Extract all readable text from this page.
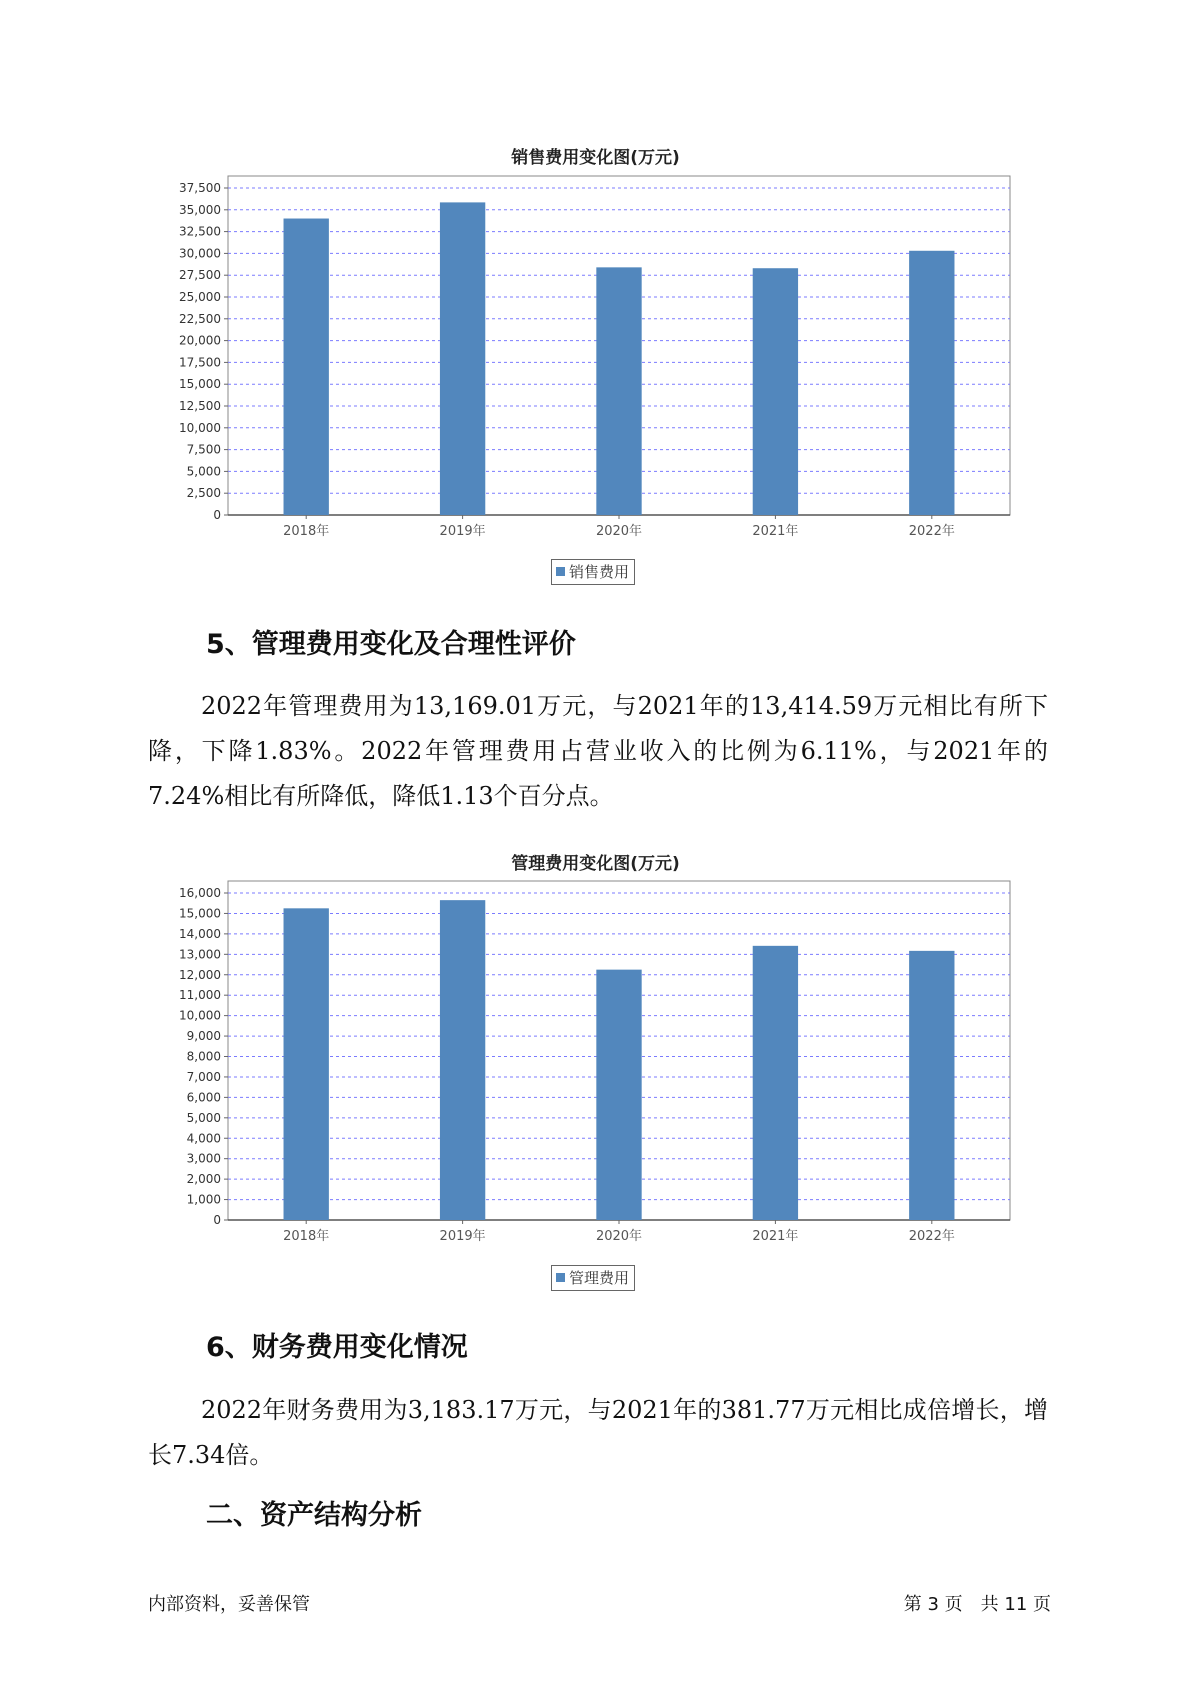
销售费用变化图(万元)
0
2,500
5,000
7,500
10,000
12,500
15,000
17,500
20,000
22,500
25,000
27,500
30,000
32,500
35,000
37,500
2018年	2019年	2020年	2021年	2022年
销售费用
5、管理费用变化及合理性评价
2022年管理费用为13,169.01万元，与2021年的13,414.59万元相比有所下降，下降1.83%。2022年管理费用占营业收入的比例为6.11%，与2021年的7.24%相比有所降低，降低1.13个百分点。
管理费用变化图(万元)
0
1,000
2,000
3,000
4,000
5,000
6,000
7,000
8,000
9,000
10,000
11,000
12,000
13,000
14,000
15,000
16,000
2018年	2019年	2020年	2021年	2022年
管理费用
6、财务费用变化情况
2022年财务费用为3,183.17万元，与2021年的381.77万元相比成倍增长，增长7.34倍。
二、资产结构分析
内部资料，妥善保管	第 3 页　共 11 页
